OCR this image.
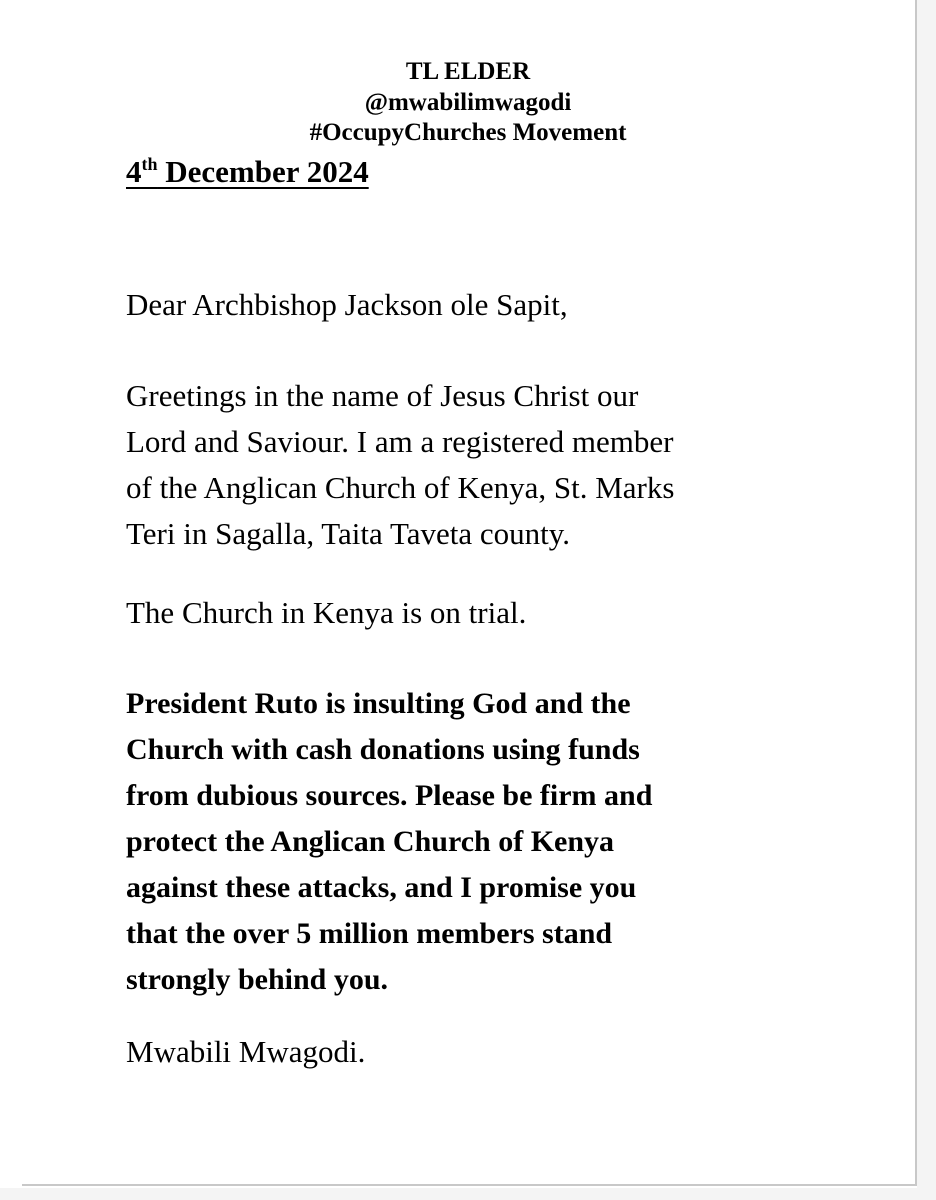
TL ELDER

@mwabilimwagodi

#OccupyChurches Movement

4th December 2024

Dear Archbishop Jackson ole Sapit,

Greetings in the name of Jesus Christ our
Lord and Saviour. I am a registered member
of the Anglican Church of Kenya, St. Marks
Teri in Sagalla, Taita Taveta county.

The Church in Kenya is on trial.

President Ruto is insulting God and the
Church with cash donations using funds
from dubious sources. Please be firm and
protect the Anglican Church of Kenya
against these attacks, and I promise you
that the over 5 million members stand
strongly behind you.

Mwabili Mwagodi.
